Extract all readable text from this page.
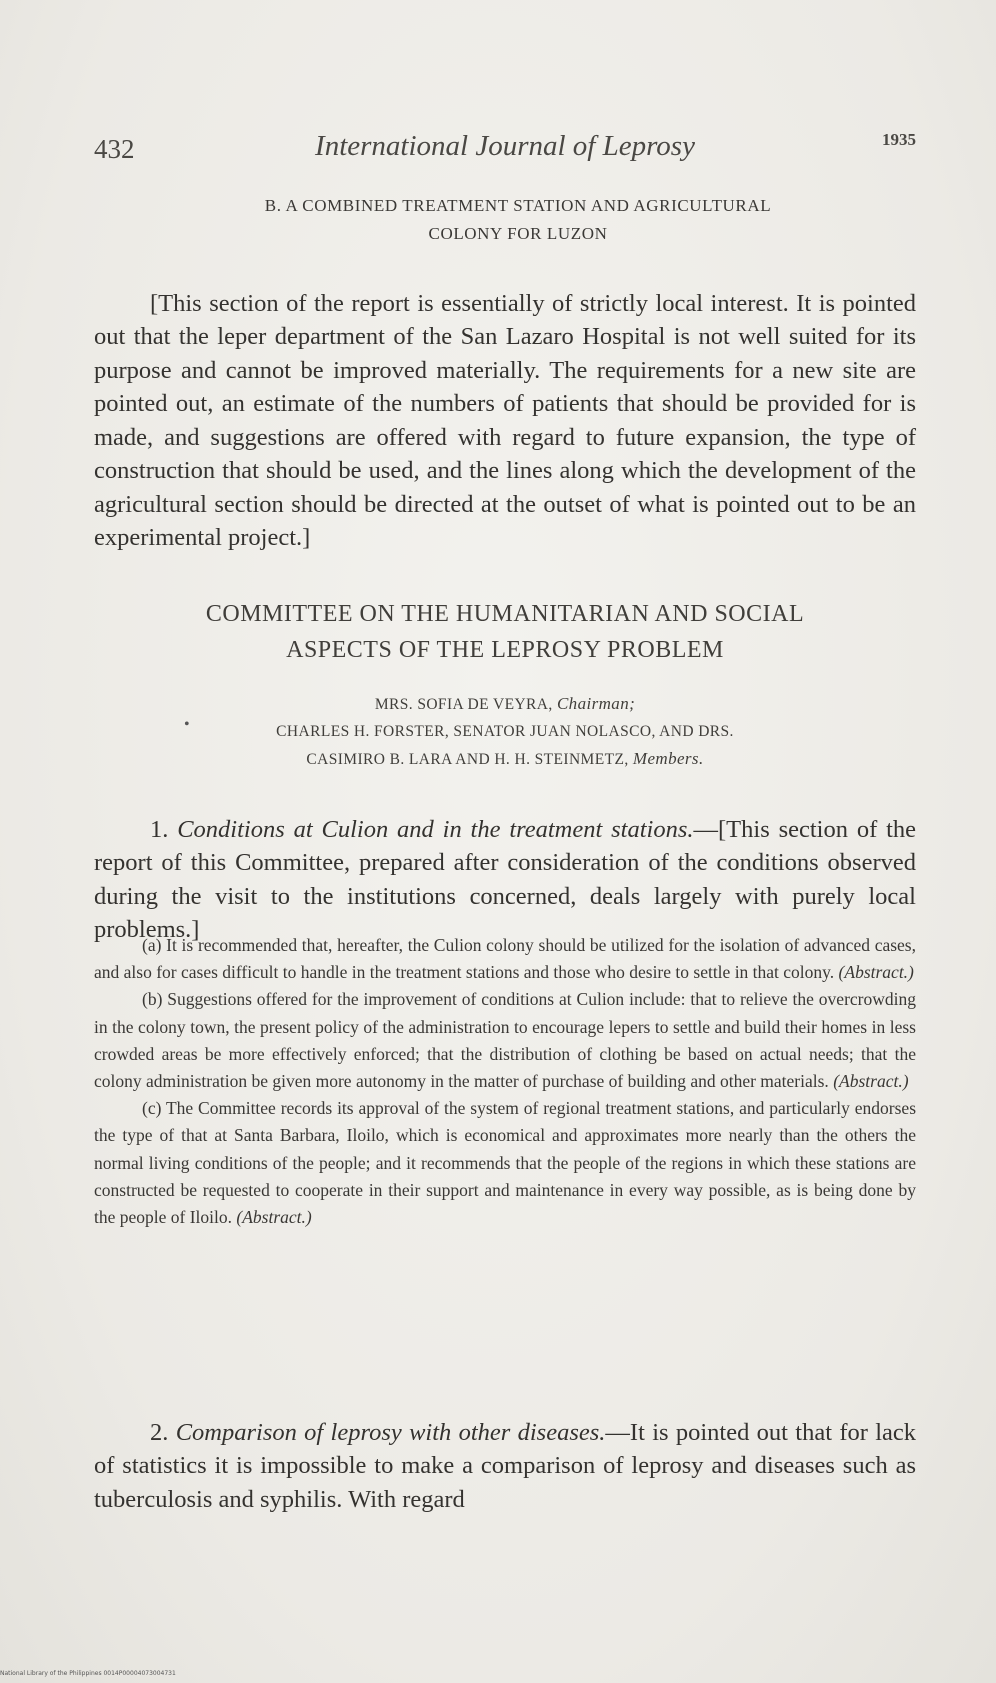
432	International Journal of Leprosy	1935
B. A COMBINED TREATMENT STATION AND AGRICULTURAL
COLONY FOR LUZON

[This section of the report is essentially of strictly local interest. It is pointed out that the leper department of the San Lazaro Hospital is not well suited for its purpose and cannot be improved materially. The requirements for a new site are pointed out, an estimate of the numbers of patients that should be provided for is made, and suggestions are offered with regard to future expansion, the type of construction that should be used, and the lines along which the development of the agricultural section should be directed at the outset of what is pointed out to be an experimental project.]

COMMITTEE ON THE HUMANITARIAN AND SOCIAL
ASPECTS OF THE LEPROSY PROBLEM
•
MRS. SOFIA DE VEYRA, Chairman;
CHARLES H. FORSTER, SENATOR JUAN NOLASCO, AND DRS.
CASIMIRO B. LARA AND H. H. STEINMETZ, Members.

1. Conditions at Culion and in the treatment stations.—[This section of the report of this Committee, prepared after consideration of the conditions observed during the visit to the institutions concerned, deals largely with purely local problems.]

(a) It is recommended that, hereafter, the Culion colony should be utilized for the isolation of advanced cases, and also for cases difficult to handle in the treatment stations and those who desire to settle in that colony. (Abstract.)

(b) Suggestions offered for the improvement of conditions at Culion include: that to relieve the overcrowding in the colony town, the present policy of the administration to encourage lepers to settle and build their homes in less crowded areas be more effectively enforced; that the distribution of clothing be based on actual needs; that the colony administration be given more autonomy in the matter of purchase of building and other materials. (Abstract.)

(c) The Committee records its approval of the system of regional treatment stations, and particularly endorses the type of that at Santa Barbara, Iloilo, which is economical and approximates more nearly than the others the normal living conditions of the people; and it recommends that the people of the regions in which these stations are constructed be requested to cooperate in their support and maintenance in every way possible, as is being done by the people of Iloilo. (Abstract.)

2. Comparison of leprosy with other diseases.—It is pointed out that for lack of statistics it is impossible to make a comparison of leprosy and diseases such as tuberculosis and syphilis. With regard

National Library of the Philippines 0014P00004073004731
